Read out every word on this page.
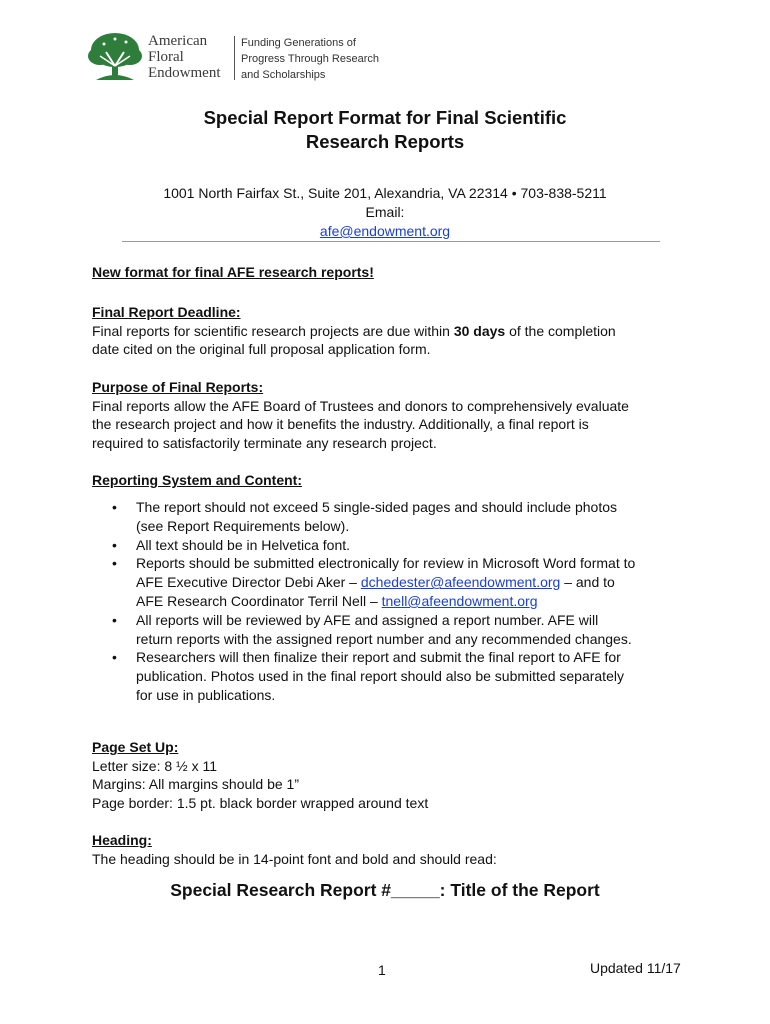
American
Floral
Endowment
Funding Generations of
Progress Through Research
and Scholarships
Special Report Format for Final Scientific
Research Reports
1001 North Fairfax St., Suite 201, Alexandria, VA 22314 • 703-838-5211
Email:
afe@endowment.org
New format for final AFE research reports!
Final Report Deadline:
Final reports for scientific research projects are due within 30 days of the completion
date cited on the original full proposal application form.
Purpose of Final Reports:
Final reports allow the AFE Board of Trustees and donors to comprehensively evaluate
the research project and how it benefits the industry. Additionally, a final report is
required to satisfactorily terminate any research project.
Reporting System and Content:
• The report should not exceed 5 single-sided pages and should include photos
(see Report Requirements below).
• All text should be in Helvetica font.
• Reports should be submitted electronically for review in Microsoft Word format to
AFE Executive Director Debi Aker – dchedester@afeendowment.org – and to
AFE Research Coordinator Terril Nell – tnell@afeendowment.org
• All reports will be reviewed by AFE and assigned a report number. AFE will
return reports with the assigned report number and any recommended changes.
• Researchers will then finalize their report and submit the final report to AFE for
publication. Photos used in the final report should also be submitted separately
for use in publications.
Page Set Up:
Letter size: 8 ½ x 11
Margins: All margins should be 1”
Page border: 1.5 pt. black border wrapped around text
Heading:
The heading should be in 14-point font and bold and should read:
Special Research Report #_____: Title of the Report
1	Updated 11/17
